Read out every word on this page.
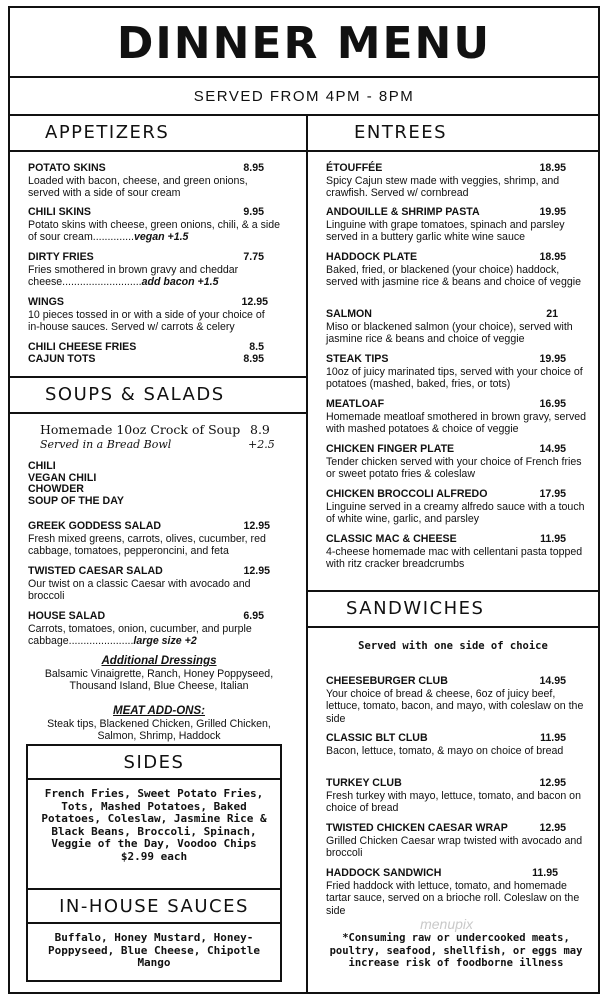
DINNER MENU
SERVED FROM 4PM - 8PM
APPETIZERS
POTATO SKINS	8.95
Loaded with bacon, cheese, and green onions, served with a side of sour cream
CHILI SKINS	9.95
Potato skins with cheese, green onions, chili, & a side of sour cream..............vegan +1.5
DIRTY FRIES	7.75
Fries smothered in brown gravy and cheddar cheese...........................add bacon +1.5
WINGS	12.95
10 pieces tossed in or with a side of your choice of in-house sauces. Served w/ carrots & celery
CHILI CHEESE FRIES	8.5
CAJUN TOTS	8.95
SOUPS & SALADS
Homemade 10oz Crock of Soup 8.9
Served in a Bread Bowl	+2.5
CHILI
VEGAN CHILI
CHOWDER
SOUP OF THE DAY
GREEK GODDESS SALAD	12.95
Fresh mixed greens, carrots, olives, cucumber, red cabbage, tomatoes, pepperoncini, and feta
TWISTED CAESAR SALAD	12.95
Our twist on a classic Caesar with avocado and broccoli
HOUSE SALAD	6.95
Carrots, tomatoes, onion, cucumber, and purple cabbage......................large size +2
Additional Dressings
Balsamic Vinaigrette, Ranch, Honey Poppyseed, Thousand Island, Blue Cheese, Italian
MEAT ADD-ONS:
Steak tips, Blackened Chicken, Grilled Chicken, Salmon, Shrimp, Haddock
SIDES
French Fries, Sweet Potato Fries, Tots, Mashed Potatoes, Baked Potatoes, Coleslaw, Jasmine Rice & Black Beans, Broccoli, Spinach, Veggie of the Day, Voodoo Chips
$2.99 each
IN-HOUSE SAUCES
Buffalo, Honey Mustard, Honey-Poppyseed, Blue Cheese, Chipotle Mango
ENTREES
ÉTOUFFÉE	18.95
Spicy Cajun stew made with veggies, shrimp, and crawfish. Served w/ cornbread
ANDOUILLE & SHRIMP PASTA	19.95
Linguine with grape tomatoes, spinach and parsley served in a buttery garlic white wine sauce
HADDOCK PLATE	18.95
Baked, fried, or blackened (your choice) haddock, served with jasmine rice & beans and choice of veggie
SALMON	21
Miso or blackened salmon (your choice), served with jasmine rice & beans and choice of veggie
STEAK TIPS	19.95
10oz of juicy marinated tips, served with your choice of potatoes (mashed, baked, fries, or tots)
MEATLOAF	16.95
Homemade meatloaf smothered in brown gravy, served with mashed potatoes & choice of veggie
CHICKEN FINGER PLATE	14.95
Tender chicken served with your choice of French fries or sweet potato fries & coleslaw
CHICKEN BROCCOLI ALFREDO	17.95
Linguine served in a creamy alfredo sauce with a touch of white wine, garlic, and parsley
CLASSIC MAC & CHEESE	11.95
4-cheese homemade mac with cellentani pasta topped with ritz cracker breadcrumbs
SANDWICHES
Served with one side of choice
CHEESEBURGER CLUB	14.95
Your choice of bread & cheese, 6oz of juicy beef, lettuce, tomato, bacon, and mayo, with coleslaw on the side
CLASSIC BLT CLUB	11.95
Bacon, lettuce, tomato, & mayo on choice of bread
TURKEY CLUB	12.95
Fresh turkey with mayo, lettuce, tomato, and bacon on choice of bread
TWISTED CHICKEN CAESAR WRAP	12.95
Grilled Chicken Caesar wrap twisted with avocado and broccoli
HADDOCK SANDWICH	11.95
Fried haddock with lettuce, tomato, and homemade tartar sauce, served on a brioche roll. Coleslaw on the side
*Consuming raw or undercooked meats, poultry, seafood, shellfish, or eggs may increase risk of foodborne illness
menupix
